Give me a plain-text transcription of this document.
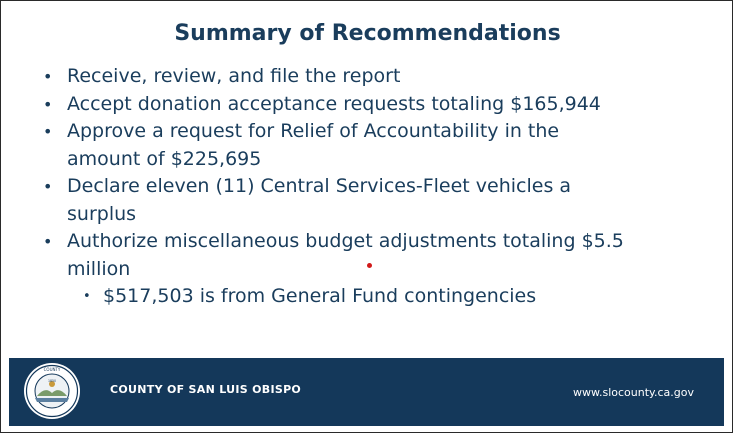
Summary of Recommendations
• Receive, review, and file the report
• Accept donation acceptance requests totaling $165,944
• Approve a request for Relief of Accountability in the
amount of $225,695
• Declare eleven (11) Central Services-Fleet vehicles a
surplus
• Authorize miscellaneous budget adjustments totaling $5.5
million
• $517,503 is from General Fund contingencies
COUNTY
1850
COUNTY OF SAN LUIS OBISPO	www.slocounty.ca.gov
